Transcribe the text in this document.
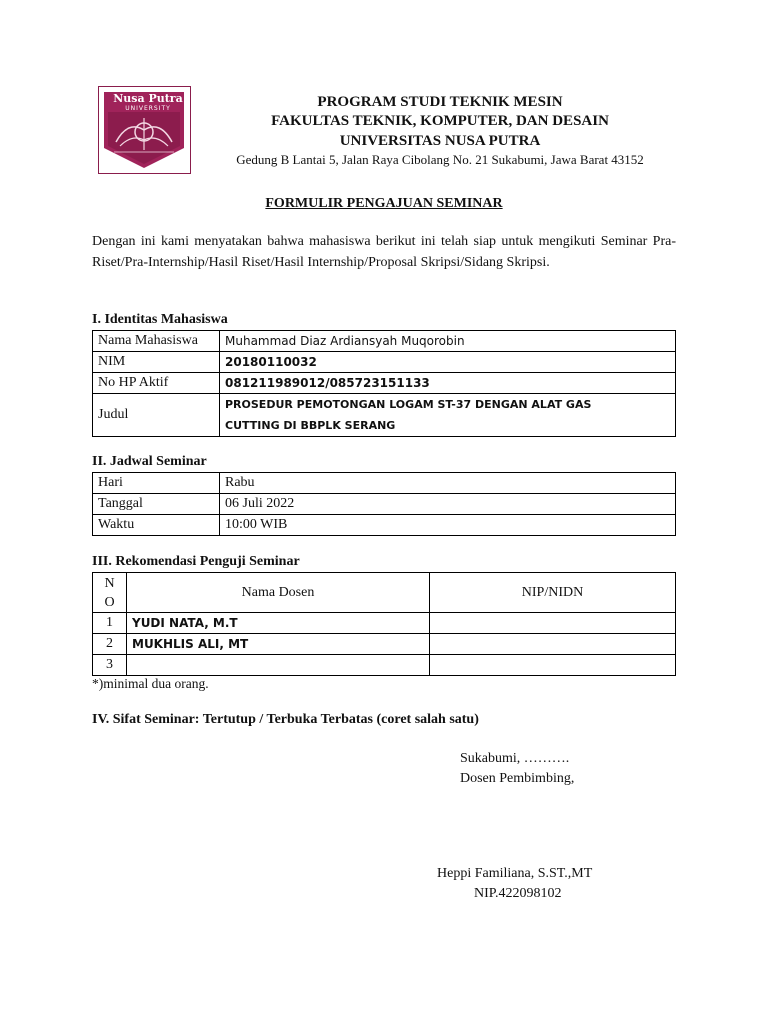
Nusa Putra
UNIVERSITY	PROGRAM STUDI TEKNIK MESIN
FAKULTAS TEKNIK, KOMPUTER, DAN DESAIN
UNIVERSITAS NUSA PUTRA
Gedung B Lantai 5, Jalan Raya Cibolang No. 21 Sukabumi, Jawa Barat 43152
FORMULIR PENGAJUAN SEMINAR
Dengan ini kami menyatakan bahwa mahasiswa berikut ini telah siap untuk mengikuti Seminar Pra-Riset/Pra-Internship/Hasil Riset/Hasil Internship/Proposal Skripsi/Sidang Skripsi.
I. Identitas Mahasiswa
Nama Mahasiswa	Muhammad Diaz Ardiansyah Muqorobin
NIM	20180110032
No HP Aktif	081211989012/085723151133
Judul	PROSEDUR PEMOTONGAN LOGAM ST-37 DENGAN ALAT GAS
CUTTING DI BBPLK SERANG
II. Jadwal Seminar
Hari	Rabu
Tanggal	06 Juli 2022
Waktu	10:00 WIB
III. Rekomendasi Penguji Seminar
N
O	Nama Dosen	NIP/NIDN
1	YUDI NATA, M.T	
2	MUKHLIS ALI, MT	
3		
*)minimal dua orang.
IV. Sifat Seminar: Tertutup / Terbuka Terbatas (coret salah satu)
Sukabumi, ……….
Dosen Pembimbing,
Heppi Familiana, S.ST.,MT
NIP.422098102
